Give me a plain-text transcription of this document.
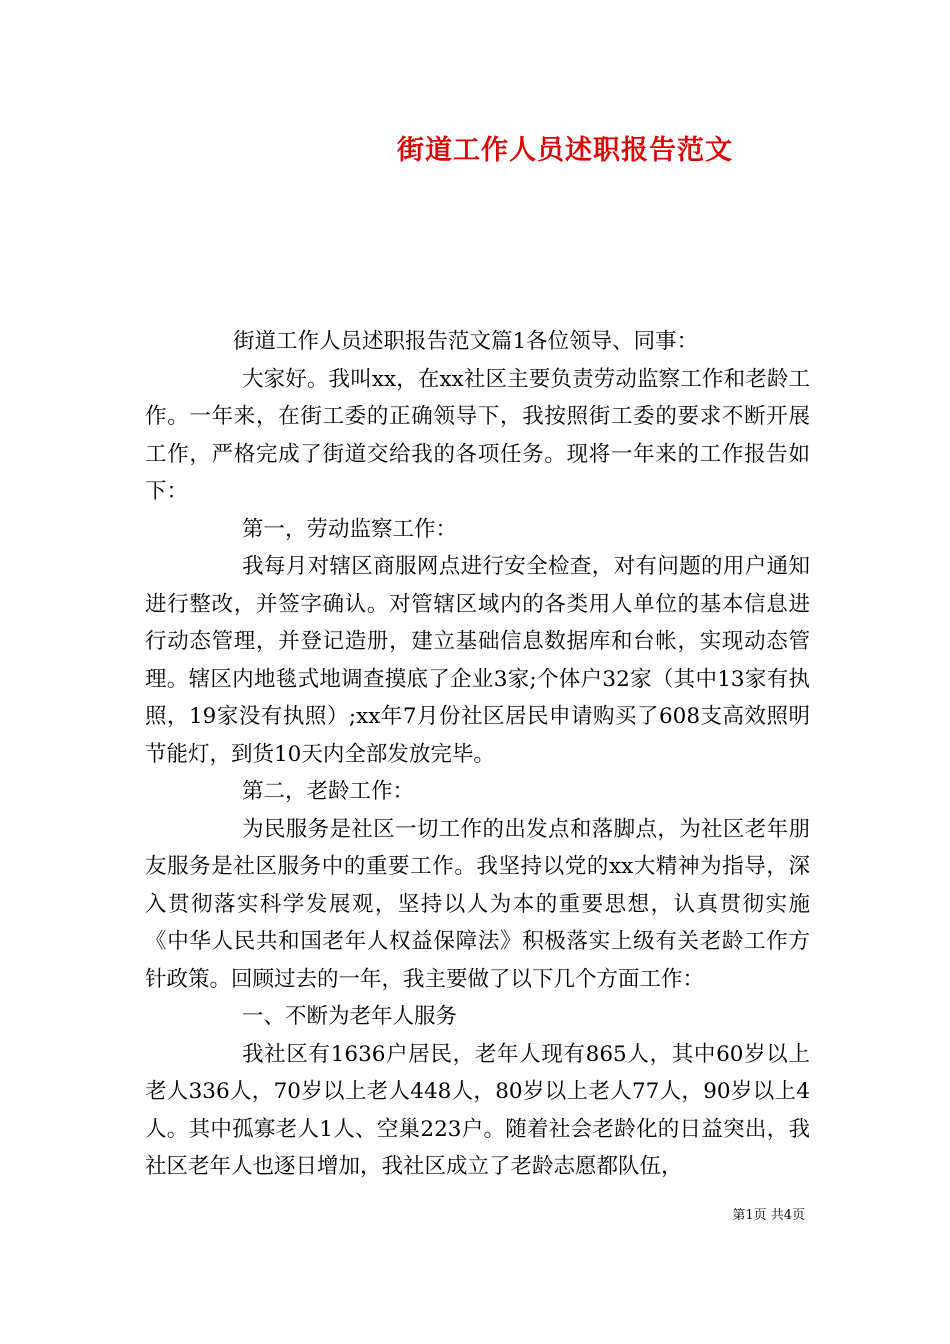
街道工作人员述职报告范文

街道工作人员述职报告范文篇1各位领导、同事：

大家好。我叫xx，在xx社区主要负责劳动监察工作和老龄工作。一年来，在街工委的正确领导下，我按照街工委的要求不断开展工作，严格完成了街道交给我的各项任务。现将一年来的工作报告如下：

第一，劳动监察工作：

我每月对辖区商服网点进行安全检查，对有问题的用户通知进行整改，并签字确认。对管辖区域内的各类用人单位的基本信息进行动态管理，并登记造册，建立基础信息数据库和台帐，实现动态管理。辖区内地毯式地调查摸底了企业3家;个体户32家（其中13家有执照，19家没有执照）;xx年7月份社区居民申请购买了608支高效照明节能灯，到货10天内全部发放完毕。

第二，老龄工作：

为民服务是社区一切工作的出发点和落脚点，为社区老年朋友服务是社区服务中的重要工作。我坚持以党的xx大精神为指导，深入贯彻落实科学发展观，坚持以人为本的重要思想，认真贯彻实施《中华人民共和国老年人权益保障法》积极落实上级有关老龄工作方针政策。回顾过去的一年，我主要做了以下几个方面工作：

一、不断为老年人服务

我社区有1636户居民，老年人现有865人，其中60岁以上老人336人，70岁以上老人448人，80岁以上老人77人，90岁以上4人。其中孤寡老人1人、空巢223户。随着社会老龄化的日益突出，我社区老年人也逐日增加，我社区成立了老龄志愿都队伍，

第1页 共4页
